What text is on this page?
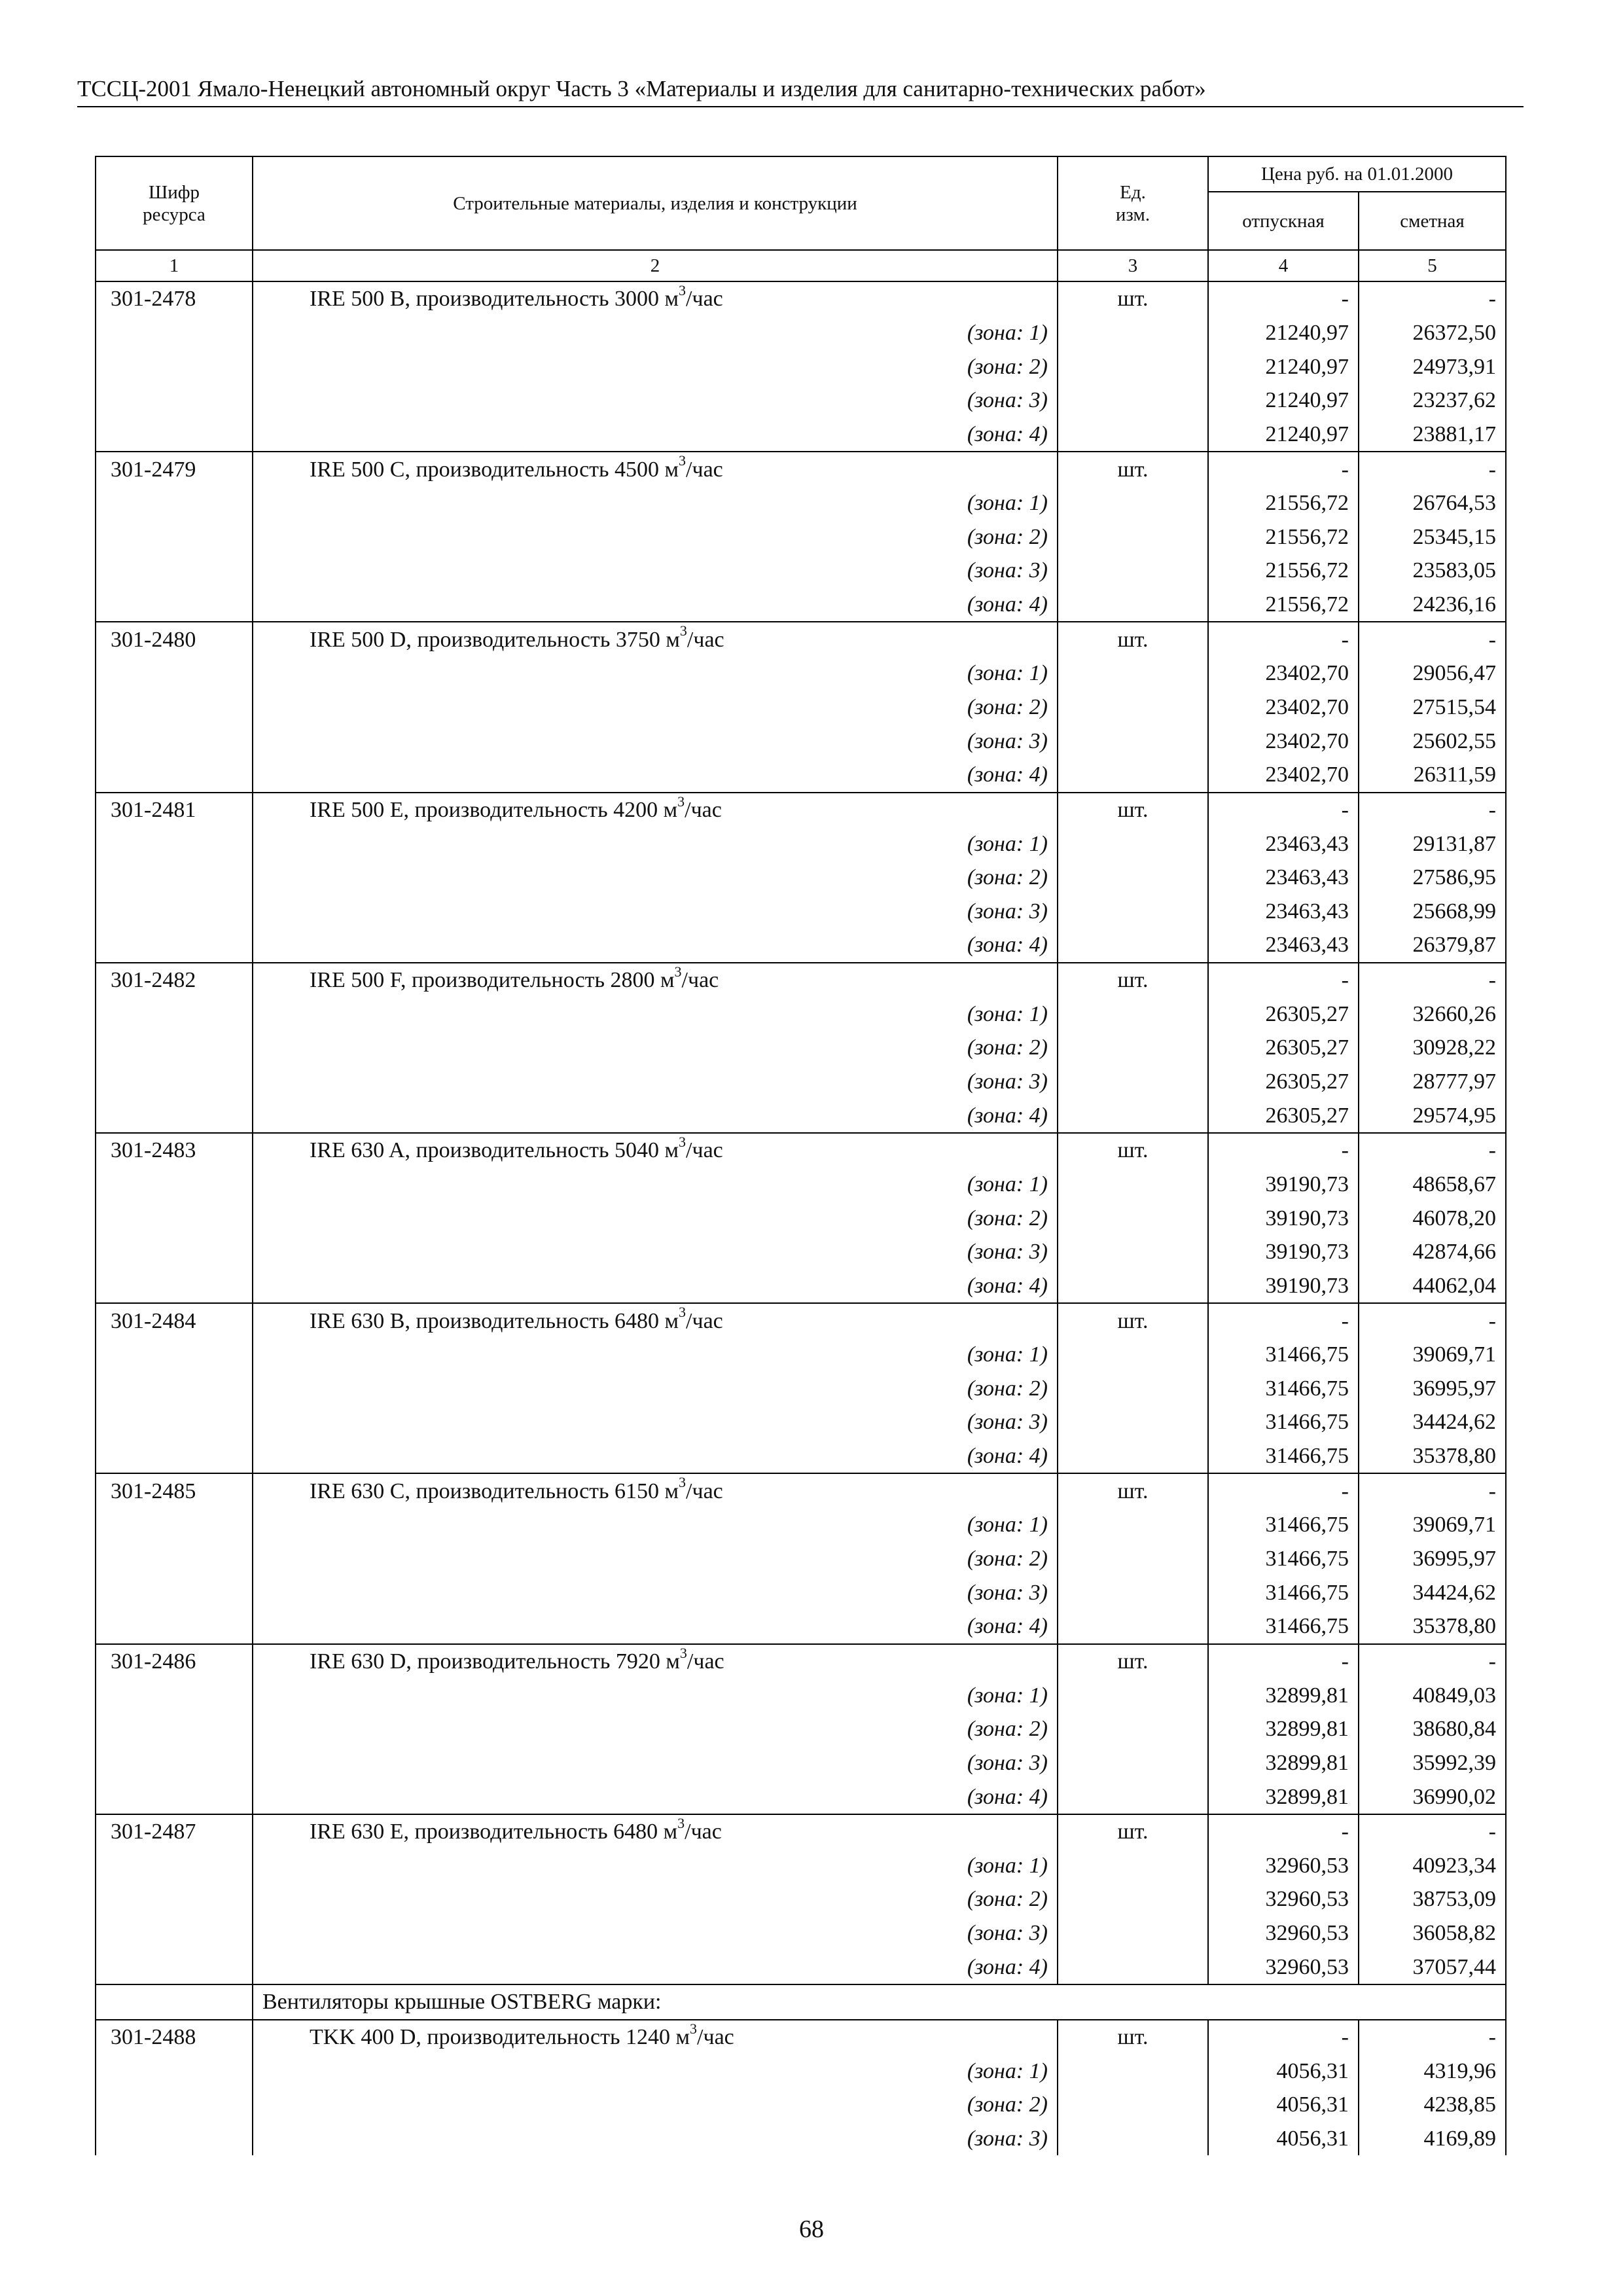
ТССЦ-2001 Ямало-Ненецкий автономный округ Часть 3 «Материалы и изделия для санитарно-технических работ»
Шифр ресурса	Строительные материалы, изделия и конструкции	Ед. изм.	Цена руб. на 01.01.2000	
			отпускная	сметная
1	2	3	4	5
301-2478	IRE 500 B, производительность 3000 $м^3$/час	шт.	-	-
	(зона: 1)		21240,97	26372,50
	(зона: 2)		21240,97	24973,91
	(зона: 3)		21240,97	23237,62
	(зона: 4)		21240,97	23881,17
301-2479	IRE 500 C, производительность 4500 $м^3$/час	шт.	-	-
	(зона: 1)		21556,72	26764,53
	(зона: 2)		21556,72	25345,15
	(зона: 3)		21556,72	23583,05
	(зона: 4)		21556,72	24236,16
301-2480	IRE 500 D, производительность 3750 $м^3$/час	шт.	-	-
	(зона: 1)		23402,70	29056,47
	(зона: 2)		23402,70	27515,54
	(зона: 3)		23402,70	25602,55
	(зона: 4)		23402,70	26311,59
301-2481	IRE 500 E, производительность 4200 $м^3$/час	шт.	-	-
	(зона: 1)		23463,43	29131,87
	(зона: 2)		23463,43	27586,95
	(зона: 3)		23463,43	25668,99
	(зона: 4)		23463,43	26379,87
301-2482	IRE 500 F, производительность 2800 $м^3$/час	шт.	-	-
	(зона: 1)		26305,27	32660,26
	(зона: 2)		26305,27	30928,22
	(зона: 3)		26305,27	28777,97
	(зона: 4)		26305,27	29574,95
301-2483	IRE 630 A, производительность 5040 $м^3$/час	шт.	-	-
	(зона: 1)		39190,73	48658,67
	(зона: 2)		39190,73	46078,20
	(зона: 3)		39190,73	42874,66
	(зона: 4)		39190,73	44062,04
301-2484	IRE 630 B, производительность 6480 $м^3$/час	шт.	-	-
	(зона: 1)		31466,75	39069,71
	(зона: 2)		31466,75	36995,97
	(зона: 3)		31466,75	34424,62
	(зона: 4)		31466,75	35378,80
301-2485	IRE 630 C, производительность 6150 $м^3$/час	шт.	-	-
	(зона: 1)		31466,75	39069,71
	(зона: 2)		31466,75	36995,97
	(зона: 3)		31466,75	34424,62
	(зона: 4)		31466,75	35378,80
301-2486	IRE 630 D, производительность 7920 $м^3$/час	шт.	-	-
	(зона: 1)		32899,81	40849,03
	(зона: 2)		32899,81	38680,84
	(зона: 3)		32899,81	35992,39
	(зона: 4)		32899,81	36990,02
301-2487	IRE 630 E, производительность 6480 $м^3$/час	шт.	-	-
	(зона: 1)		32960,53	40923,34
	(зона: 2)		32960,53	38753,09
	(зона: 3)		32960,53	36058,82
	(зона: 4)		32960,53	37057,44
	Вентиляторы крышные OSTBERG марки:			
301-2488	TKK 400 D, производительность 1240 $м^3$/час	шт.	-	-
	(зона: 1)		4056,31	4319,96
	(зона: 2)		4056,31	4238,85
	(зона: 3)		4056,31	4169,89
68
